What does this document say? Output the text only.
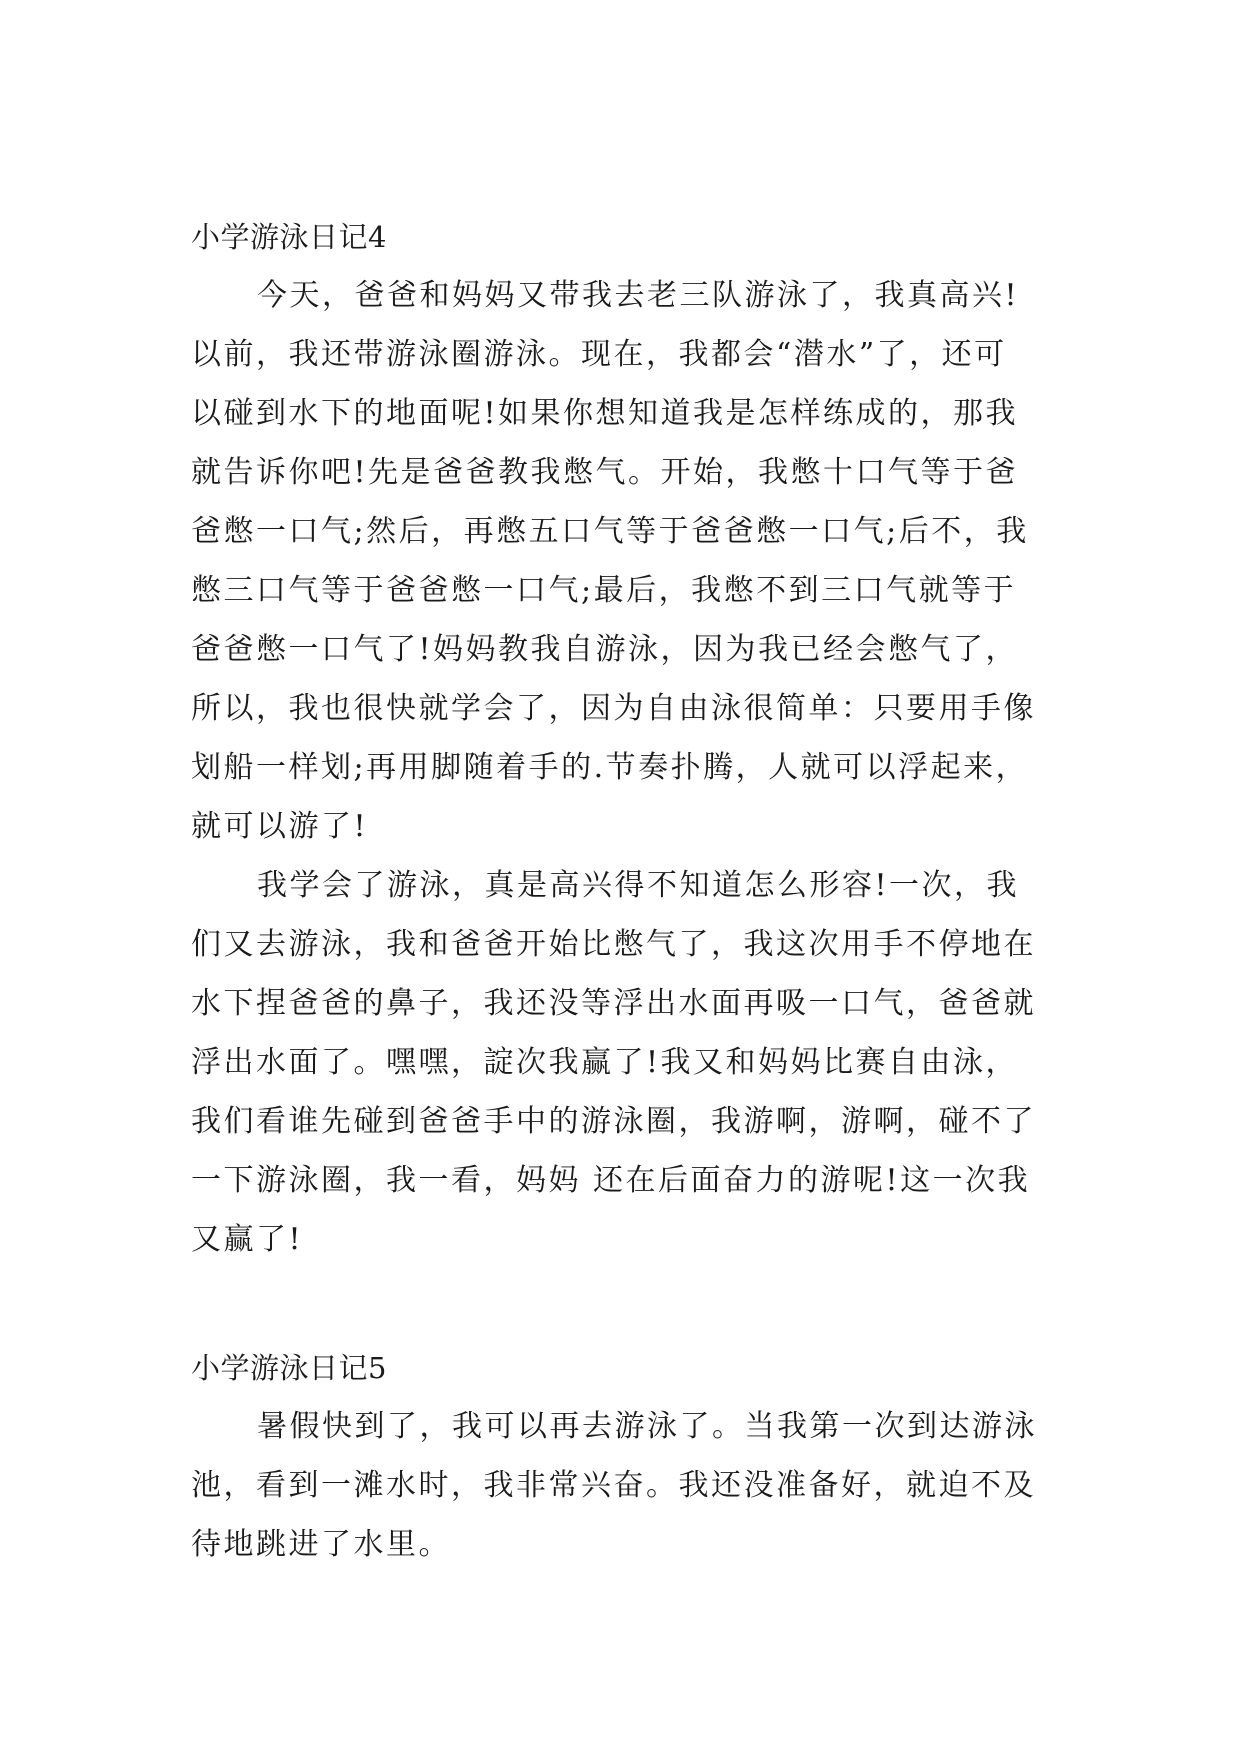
小学游泳日记4
今天，爸爸和妈妈又带我去老三队游泳了，我真高兴!
以前，我还带游泳圈游泳。现在，我都会“潜水”了，还可
以碰到水下的地面呢!如果你想知道我是怎样练成的，那我
就告诉你吧!先是爸爸教我憋气。开始，我憋十口气等于爸
爸憋一口气;然后，再憋五口气等于爸爸憋一口气;后不，我
憋三口气等于爸爸憋一口气;最后，我憋不到三口气就等于
爸爸憋一口气了!妈妈教我自游泳，因为我已经会憋气了，
所以，我也很快就学会了，因为自由泳很简单：只要用手像
划船一样划;再用脚随着手的.节奏扑腾，人就可以浮起来，
就可以游了!
我学会了游泳，真是高兴得不知道怎么形容!一次，我
们又去游泳，我和爸爸开始比憋气了，我这次用手不停地在
水下捏爸爸的鼻子，我还没等浮出水面再吸一口气，爸爸就
浮出水面了。嘿嘿，諚次我赢了!我又和妈妈比赛自由泳，
我们看谁先碰到爸爸手中的游泳圈，我游啊，游啊，碰不了
一下游泳圈，我一看，妈妈 还在后面奋力的游呢!这一次我
又赢了!
小学游泳日记5
暑假快到了，我可以再去游泳了。当我第一次到达游泳
池，看到一滩水时，我非常兴奋。我还没准备好，就迫不及
待地跳进了水里。
